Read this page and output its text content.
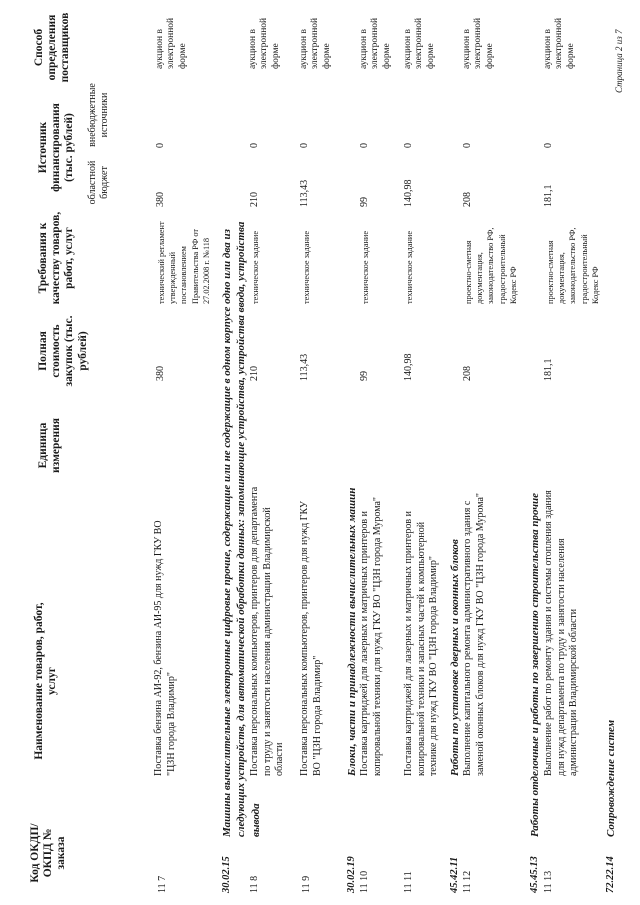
Код ОКДП/ ОКПД № заказа
Наименование товаров, работ, услуг
Единица измерения
Полная стоимость закупок (тыс. рублей)
Требования к качеству товаров, работ, услуг
Источник финансирования (тыс. рублей)
областной бюджет
внебюджетные источники
Способ определения поставщиков
11 7
Поставка бензина АИ-92, бензина АИ-95 для нужд ГКУ ВО "ЦЗН города Владимир"
380
технический регламент утвержденный постановлением Правительства РФ от 27.02.2008 г. №118
380
0
аукцион в электронной форме
30.02.15
Машины вычислительные электронные цифровые прочие, содержащие или не содержащие в одном корпусе одно или два из следующих устройств, для автоматической обработки данных: запоминающие устройства, устройства ввода, устройства вывода
11 8
Поставка персональных компьютеров, принтеров для департамента по труду и занятости населения администрации Владимирской области
210
техническое задание
210
0
аукцион в электронной форме
11 9
Поставка персональных компьютеров, принтеров для нужд ГКУ ВО "ЦЗН города Владимир"
113,43
техническое задание
113,43
0
аукцион в электронной форме
30.02.19
Блоки, части и принадлежности вычислительных машин
11 10
Поставка картриджей для лазерных и матричных принтеров и копировальной техники для нужд ГКУ ВО "ЦЗН города Мурома"
99
техническое задание
99
0
аукцион в электронной форме
11 11
Поставка картриджей для лазерных и матричных принтеров и копировальной техники и запасных частей к компьютерной технике для нужд ГКУ ВО "ЦЗН города Владимир"
140,98
техническое задание
140,98
0
аукцион в электронной форме
45.42.11
Работы по установке дверных и оконных блоков
11 12
Выполнение капитального ремонта административного здания с заменой оконных блоков для нужд ГКУ ВО "ЦЗН города Мурома"
208
проектно-сметная документация, законодательство РФ, градостроительный Кодекс РФ
208
0
аукцион в электронной форме
45.45.13
Работы отделочные и работы по завершению строительства прочие
11 13
Выполнение работ по ремонту здания и системы отопления здания для нужд департамента по труду и занятости населения администрации Владимирской области
181,1
проектно-сметная документация, законодательство РФ, градостроительный Кодекс РФ
181,1
0
аукцион в электронной форме
72.22.14
Сопровождение систем
Страница 2 из 7
